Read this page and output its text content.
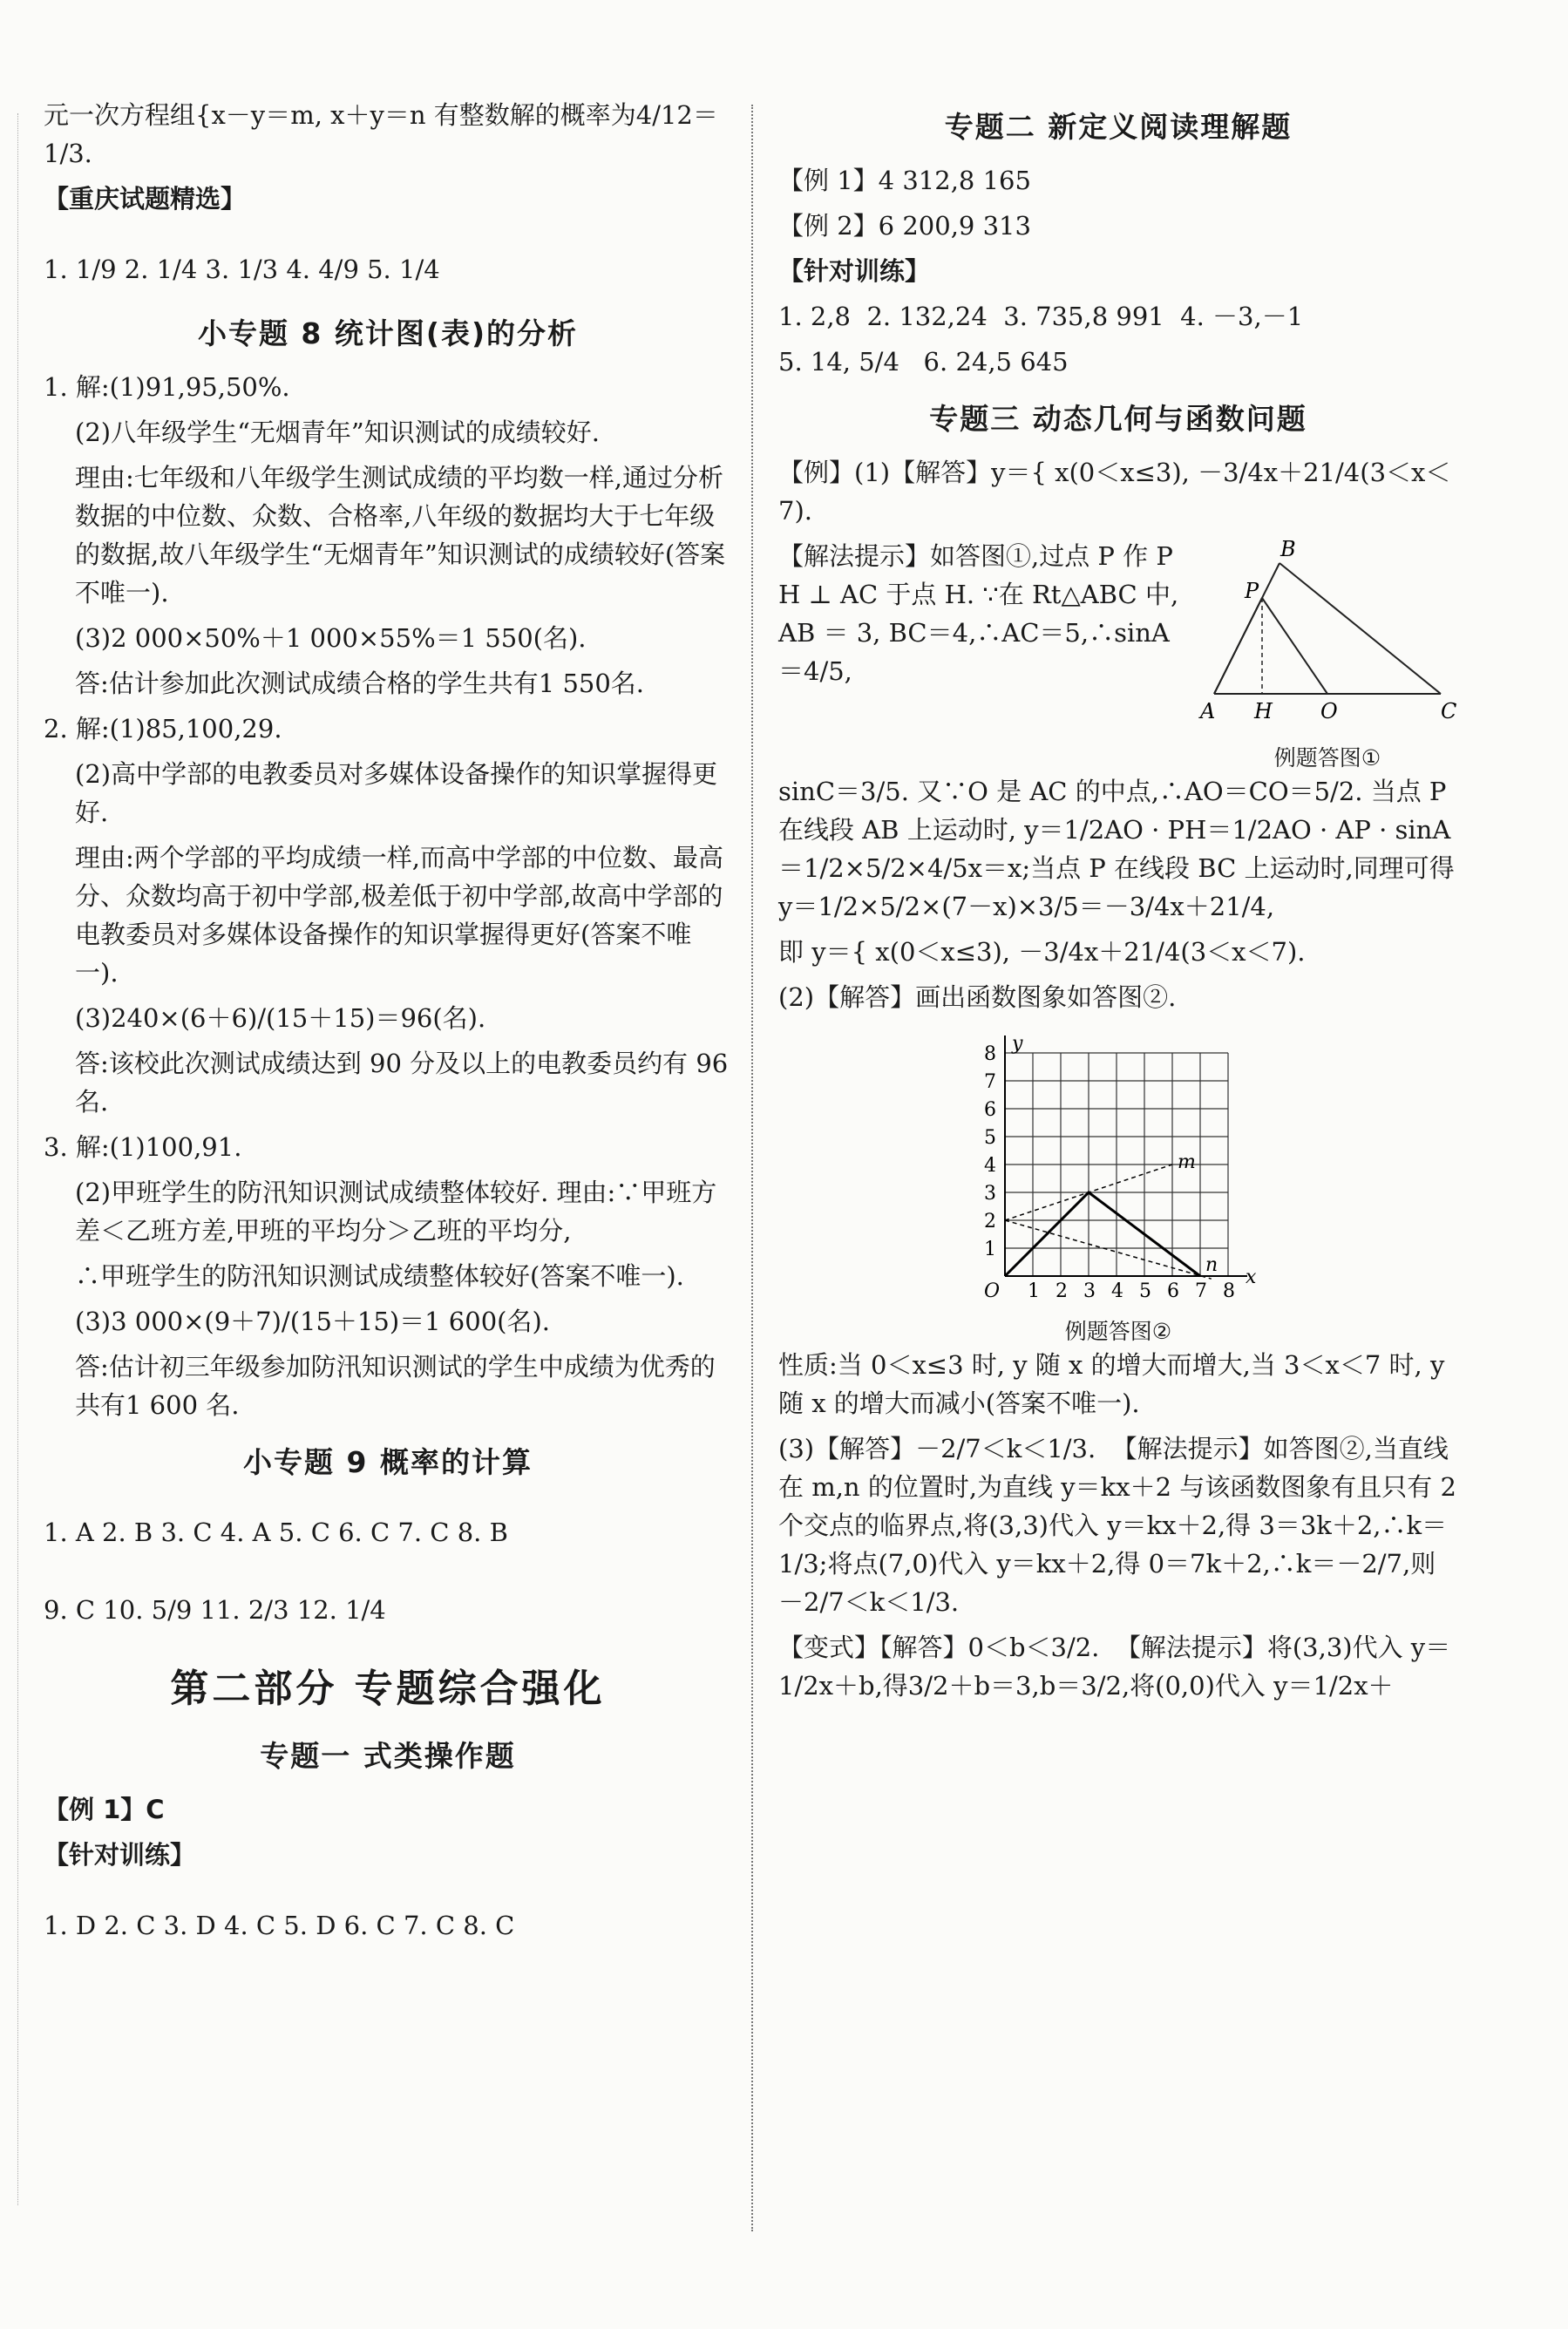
元一次方程组{x－y＝m, x＋y＝n 有整数解的概率为4/12＝1/3.

【重庆试题精选】

1. 1/9 2. 1/4 3. 1/3 4. 4/9 5. 1/4

小专题 8 统计图(表)的分析

1. 解:(1)91,95,50%.

(2)八年级学生“无烟青年”知识测试的成绩较好.

理由:七年级和八年级学生测试成绩的平均数一样,通过分析数据的中位数、众数、合格率,八年级的数据均大于七年级的数据,故八年级学生“无烟青年”知识测试的成绩较好(答案不唯一).

(3)2 000×50%＋1 000×55%＝1 550(名).

答:估计参加此次测试成绩合格的学生共有1 550名.

2. 解:(1)85,100,29.

(2)高中学部的电教委员对多媒体设备操作的知识掌握得更好.

理由:两个学部的平均成绩一样,而高中学部的中位数、最高分、众数均高于初中学部,极差低于初中学部,故高中学部的电教委员对多媒体设备操作的知识掌握得更好(答案不唯一).

(3)240×(6＋6)/(15＋15)＝96(名).

答:该校此次测试成绩达到 90 分及以上的电教委员约有 96 名.

3. 解:(1)100,91.

(2)甲班学生的防汛知识测试成绩整体较好. 理由:∵甲班方差＜乙班方差,甲班的平均分＞乙班的平均分,

∴甲班学生的防汛知识测试成绩整体较好(答案不唯一).

(3)3 000×(9＋7)/(15＋15)＝1 600(名).

答:估计初三年级参加防汛知识测试的学生中成绩为优秀的共有1 600 名.

小专题 9 概率的计算

1. A 2. B 3. C 4. A 5. C 6. C 7. C 8. B

9. C 10. 5/9 11. 2/3 12. 1/4

第二部分 专题综合强化
专题一 式类操作题

【例 1】C

【针对训练】

1. D 2. C 3. D 4. C 5. D 6. C 7. C 8. C

专题二 新定义阅读理解题

【例 1】4 312,8 165

【例 2】6 200,9 313

【针对训练】

1. 2,8  2. 132,24  3. 735,8 991  4. －3,－1

5. 14, 5/4   6. 24,5 645

专题三 动态几何与函数问题

【例】(1)【解答】y＝{ x(0＜x≤3), －3/4x＋21/4(3＜x＜7).

【解法提示】如答图①,过点 P 作 PH ⊥ AC 于点 H. ∵在 Rt△ABC 中, AB ＝ 3, BC＝4,∴AC＝5,∴sinA＝4/5,

A
B
C
P
H O
例题答图①

sinC＝3/5. 又∵O 是 AC 的中点,∴AO＝CO＝5/2. 当点 P 在线段 AB 上运动时, y＝1/2AO · PH＝1/2AO · AP · sinA＝1/2×5/2×4/5x＝x;当点 P 在线段 BC 上运动时,同理可得 y＝1/2×5/2×(7－x)×3/5＝－3/4x＋21/4,

即 y＝{ x(0＜x≤3), －3/4x＋21/4(3＜x＜7).

(2)【解答】画出函数图象如答图②.

1
1
2
2
3
3
4
4
5
5
6
6
7
7
8
8
x
y
O
m
n
例题答图②

性质:当 0＜x≤3 时, y 随 x 的增大而增大,当 3＜x＜7 时, y 随 x 的增大而减小(答案不唯一).

(3)【解答】－2/7＜k＜1/3.  【解法提示】如答图②,当直线在 m,n 的位置时,为直线 y＝kx＋2 与该函数图象有且只有 2 个交点的临界点,将(3,3)代入 y＝kx＋2,得 3＝3k＋2,∴k＝1/3;将点(7,0)代入 y＝kx＋2,得 0＝7k＋2,∴k＝－2/7,则－2/7＜k＜1/3.

【变式】【解答】0＜b＜3/2.  【解法提示】将(3,3)代入 y＝1/2x＋b,得3/2＋b＝3,b＝3/2,将(0,0)代入 y＝1/2x＋
